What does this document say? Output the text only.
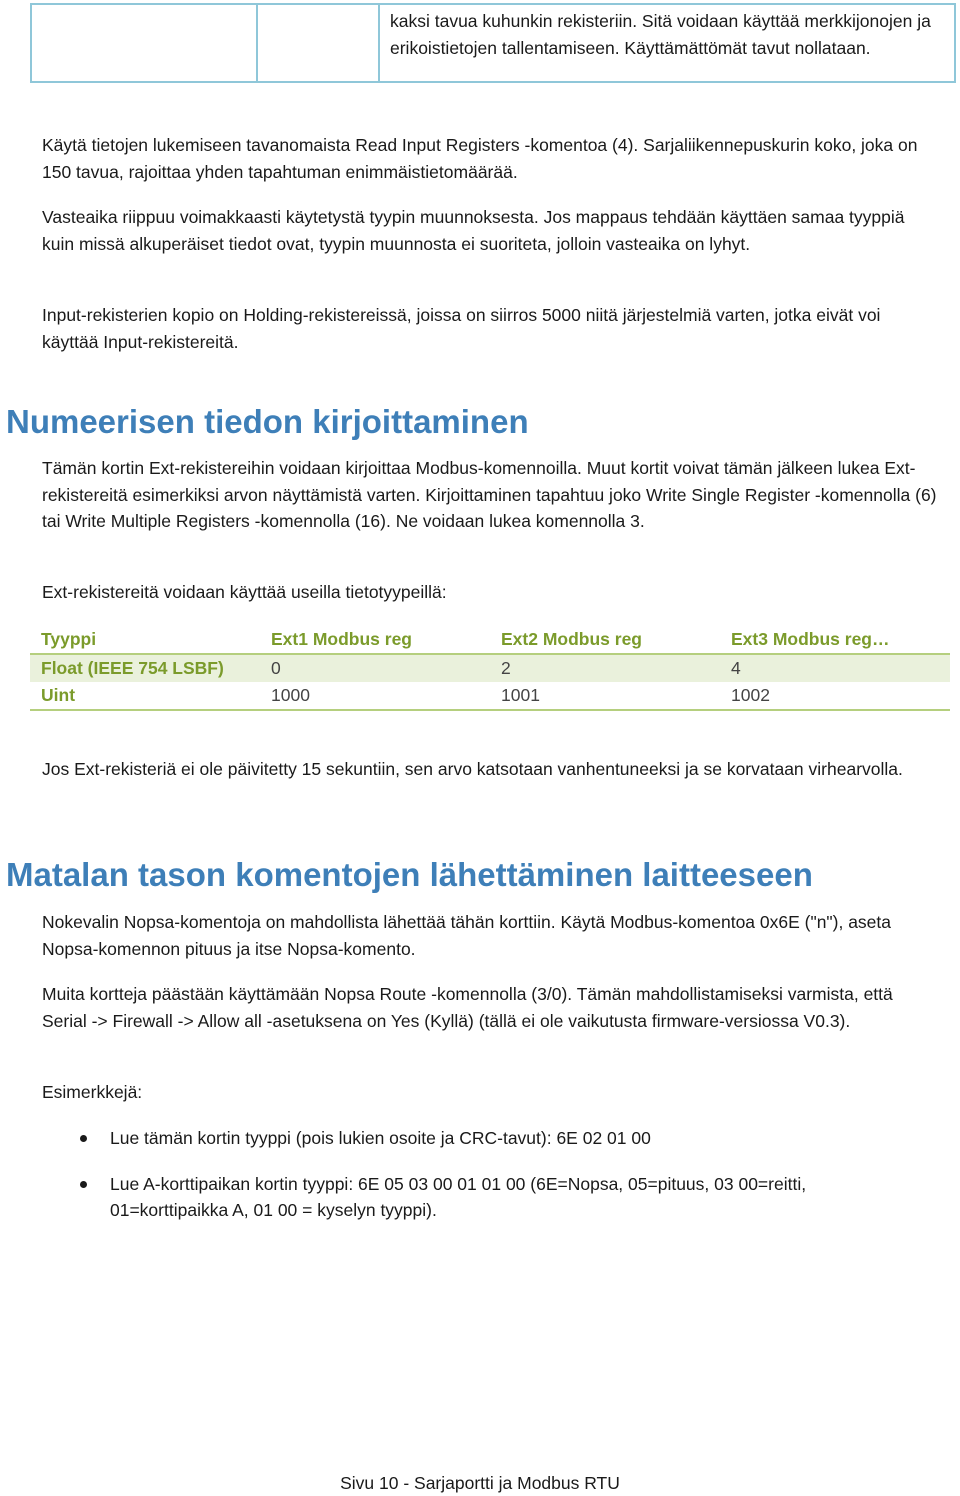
kaksi tavua kuhunkin rekisteriin. Sitä voidaan käyttää merkkijonojen ja erikoistietojen tallentamiseen. Käyttämättömät tavut nollataan.

Käytä tietojen lukemiseen tavanomaista Read Input Registers -komentoa (4). Sarjaliikennepuskurin koko, joka on 150 tavua, rajoittaa yhden tapahtuman enimmäistietomäärää.

Vasteaika riippuu voimakkaasti käytetystä tyypin muunnoksesta. Jos mappaus tehdään käyttäen samaa tyyppiä kuin missä alkuperäiset tiedot ovat, tyypin muunnosta ei suoriteta, jolloin vasteaika on lyhyt.

Input-rekisterien kopio on Holding-rekistereissä, joissa on siirros 5000 niitä järjestelmiä varten, jotka eivät voi käyttää Input-rekistereitä.

Numeerisen tiedon kirjoittaminen

Tämän kortin Ext-rekistereihin voidaan kirjoittaa Modbus-komennoilla. Muut kortit voivat tämän jälkeen lukea Ext-rekistereitä esimerkiksi arvon näyttämistä varten. Kirjoittaminen tapahtuu joko Write Single Register -komennolla (6) tai Write Multiple Registers -komennolla (16). Ne voidaan lukea komennolla 3.

Ext-rekistereitä voidaan käyttää useilla tietotyypeillä:

Tyyppi	Ext1 Modbus reg	Ext2 Modbus reg	Ext3 Modbus reg…
Float (IEEE 754 LSBF)	0	2	4
Uint	1000	1001	1002

Jos Ext-rekisteriä ei ole päivitetty 15 sekuntiin, sen arvo katsotaan vanhentuneeksi ja se korvataan virhearvolla.

Matalan tason komentojen lähettäminen laitteeseen

Nokevalin Nopsa-komentoja on mahdollista lähettää tähän korttiin. Käytä Modbus-komentoa 0x6E ("n"), aseta Nopsa-komennon pituus ja itse Nopsa-komento.

Muita kortteja päästään käyttämään Nopsa Route -komennolla (3/0). Tämän mahdollistamiseksi varmista, että Serial -> Firewall -> Allow all -asetuksena on Yes (Kyllä) (tällä ei ole vaikutusta firmware-versiossa V0.3).

Esimerkkejä:

Lue tämän kortin tyyppi (pois lukien osoite ja CRC-tavut): 6E 02 01 00
Lue A-korttipaikan kortin tyyppi: 6E 05 03 00 01 01 00 (6E=Nopsa, 05=pituus, 03 00=reitti, 01=korttipaikka A, 01 00 = kyselyn tyyppi).
Sivu 10 - Sarjaportti ja Modbus RTU
